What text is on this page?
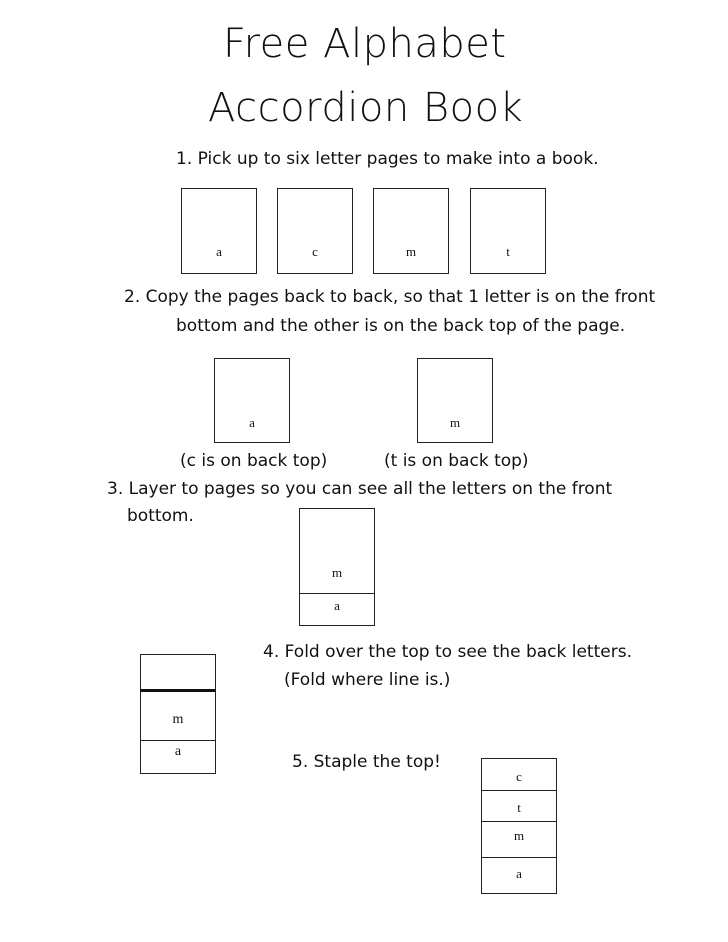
Free Alphabet
Accordion Book
1. Pick up to six letter pages to make into a book.
a	c	m	t
2. Copy the pages back to back, so that 1 letter is on the front
bottom and the other is on the back top of the page.
a	m
(c is on back top)	(t is on back top)
3. Layer to pages so you can see all the letters on the front
bottom.
m
a
4. Fold over the top to see the back letters.
(Fold where line is.)
m
a
5. Staple the top!
c
t
m
a
